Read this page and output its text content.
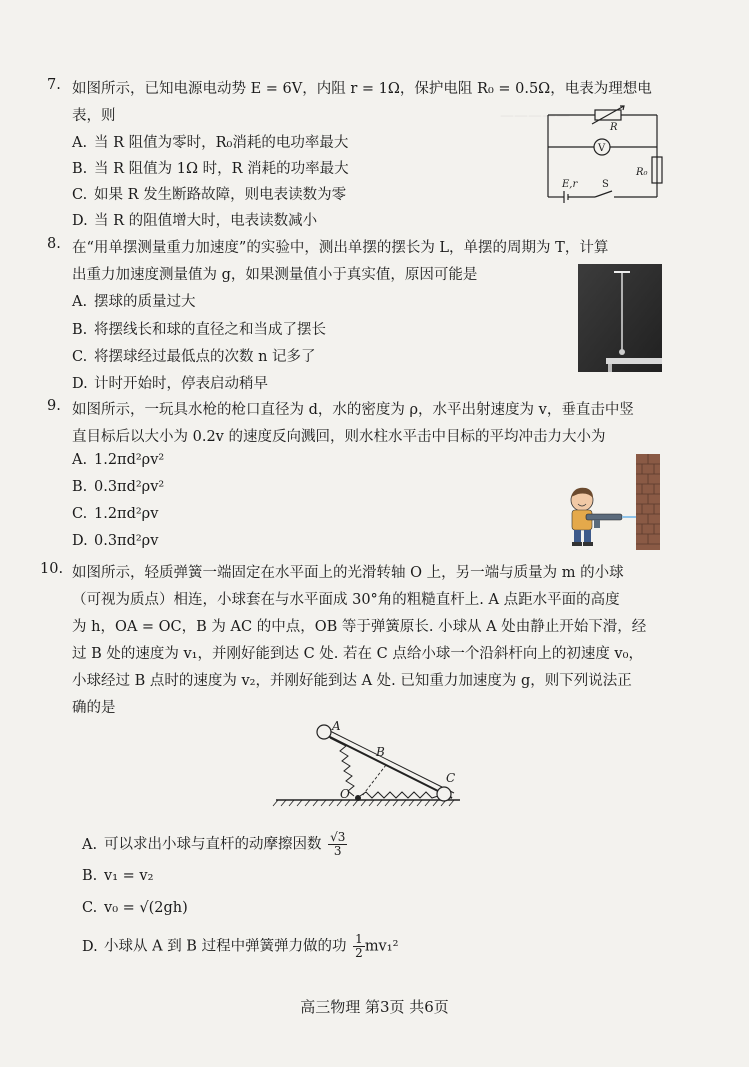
—————
7. 如图所示，已知电源电动势 E = 6V，内阻 r = 1Ω，保护电阻 R₀ = 0.5Ω，电表为理想电
表，则
A. 当 R 阻值为零时，R₀消耗的电功率最大
B. 当 R 阻值为 1Ω 时，R 消耗的功率最大
C. 如果 R 发生断路故障，则电表读数为零
D. 当 R 的阻值增大时，电表读数减小
R
V
R₀
E,r S
8. 在“用单摆测量重力加速度”的实验中，测出单摆的摆长为 L，单摆的周期为 T，计算
出重力加速度测量值为 g，如果测量值小于真实值，原因可能是
A. 摆球的质量过大
B. 将摆线长和球的直径之和当成了摆长
C. 将摆球经过最低点的次数 n 记多了
D. 计时开始时，停表启动稍早
9. 如图所示，一玩具水枪的枪口直径为 d，水的密度为 ρ，水平出射速度为 v，垂直击中竖
直目标后以大小为 0.2v 的速度反向溅回，则水柱水平击中目标的平均冲击力大小为
A. 1.2πd²ρv²
B. 0.3πd²ρv²
C. 1.2πd²ρv
D. 0.3πd²ρv
10. 如图所示，轻质弹簧一端固定在水平面上的光滑转轴 O 上，另一端与质量为 m 的小球
（可视为质点）相连，小球套在与水平面成 30°角的粗糙直杆上. A 点距水平面的高度
为 h，OA = OC，B 为 AC 的中点，OB 等于弹簧原长. 小球从 A 处由静止开始下滑，经
过 B 处的速度为 v₁，并刚好能到达 C 处. 若在 C 点给小球一个沿斜杆向上的初速度 v₀，
小球经过 B 点时的速度为 v₂，并刚好能到达 A 处. 已知重力加速度为 g，则下列说法正
确的是
A
B
C
O
A. 可以求出小球与直杆的动摩擦因数 $\frac{√3}{3}$
B. v₁ = v₂
C. v₀ = √(2gh)
D. 小球从 A 到 B 过程中弹簧弹力做的功 $\frac{1}{2} mv_1^2$
高三物理 第3页 共6页
